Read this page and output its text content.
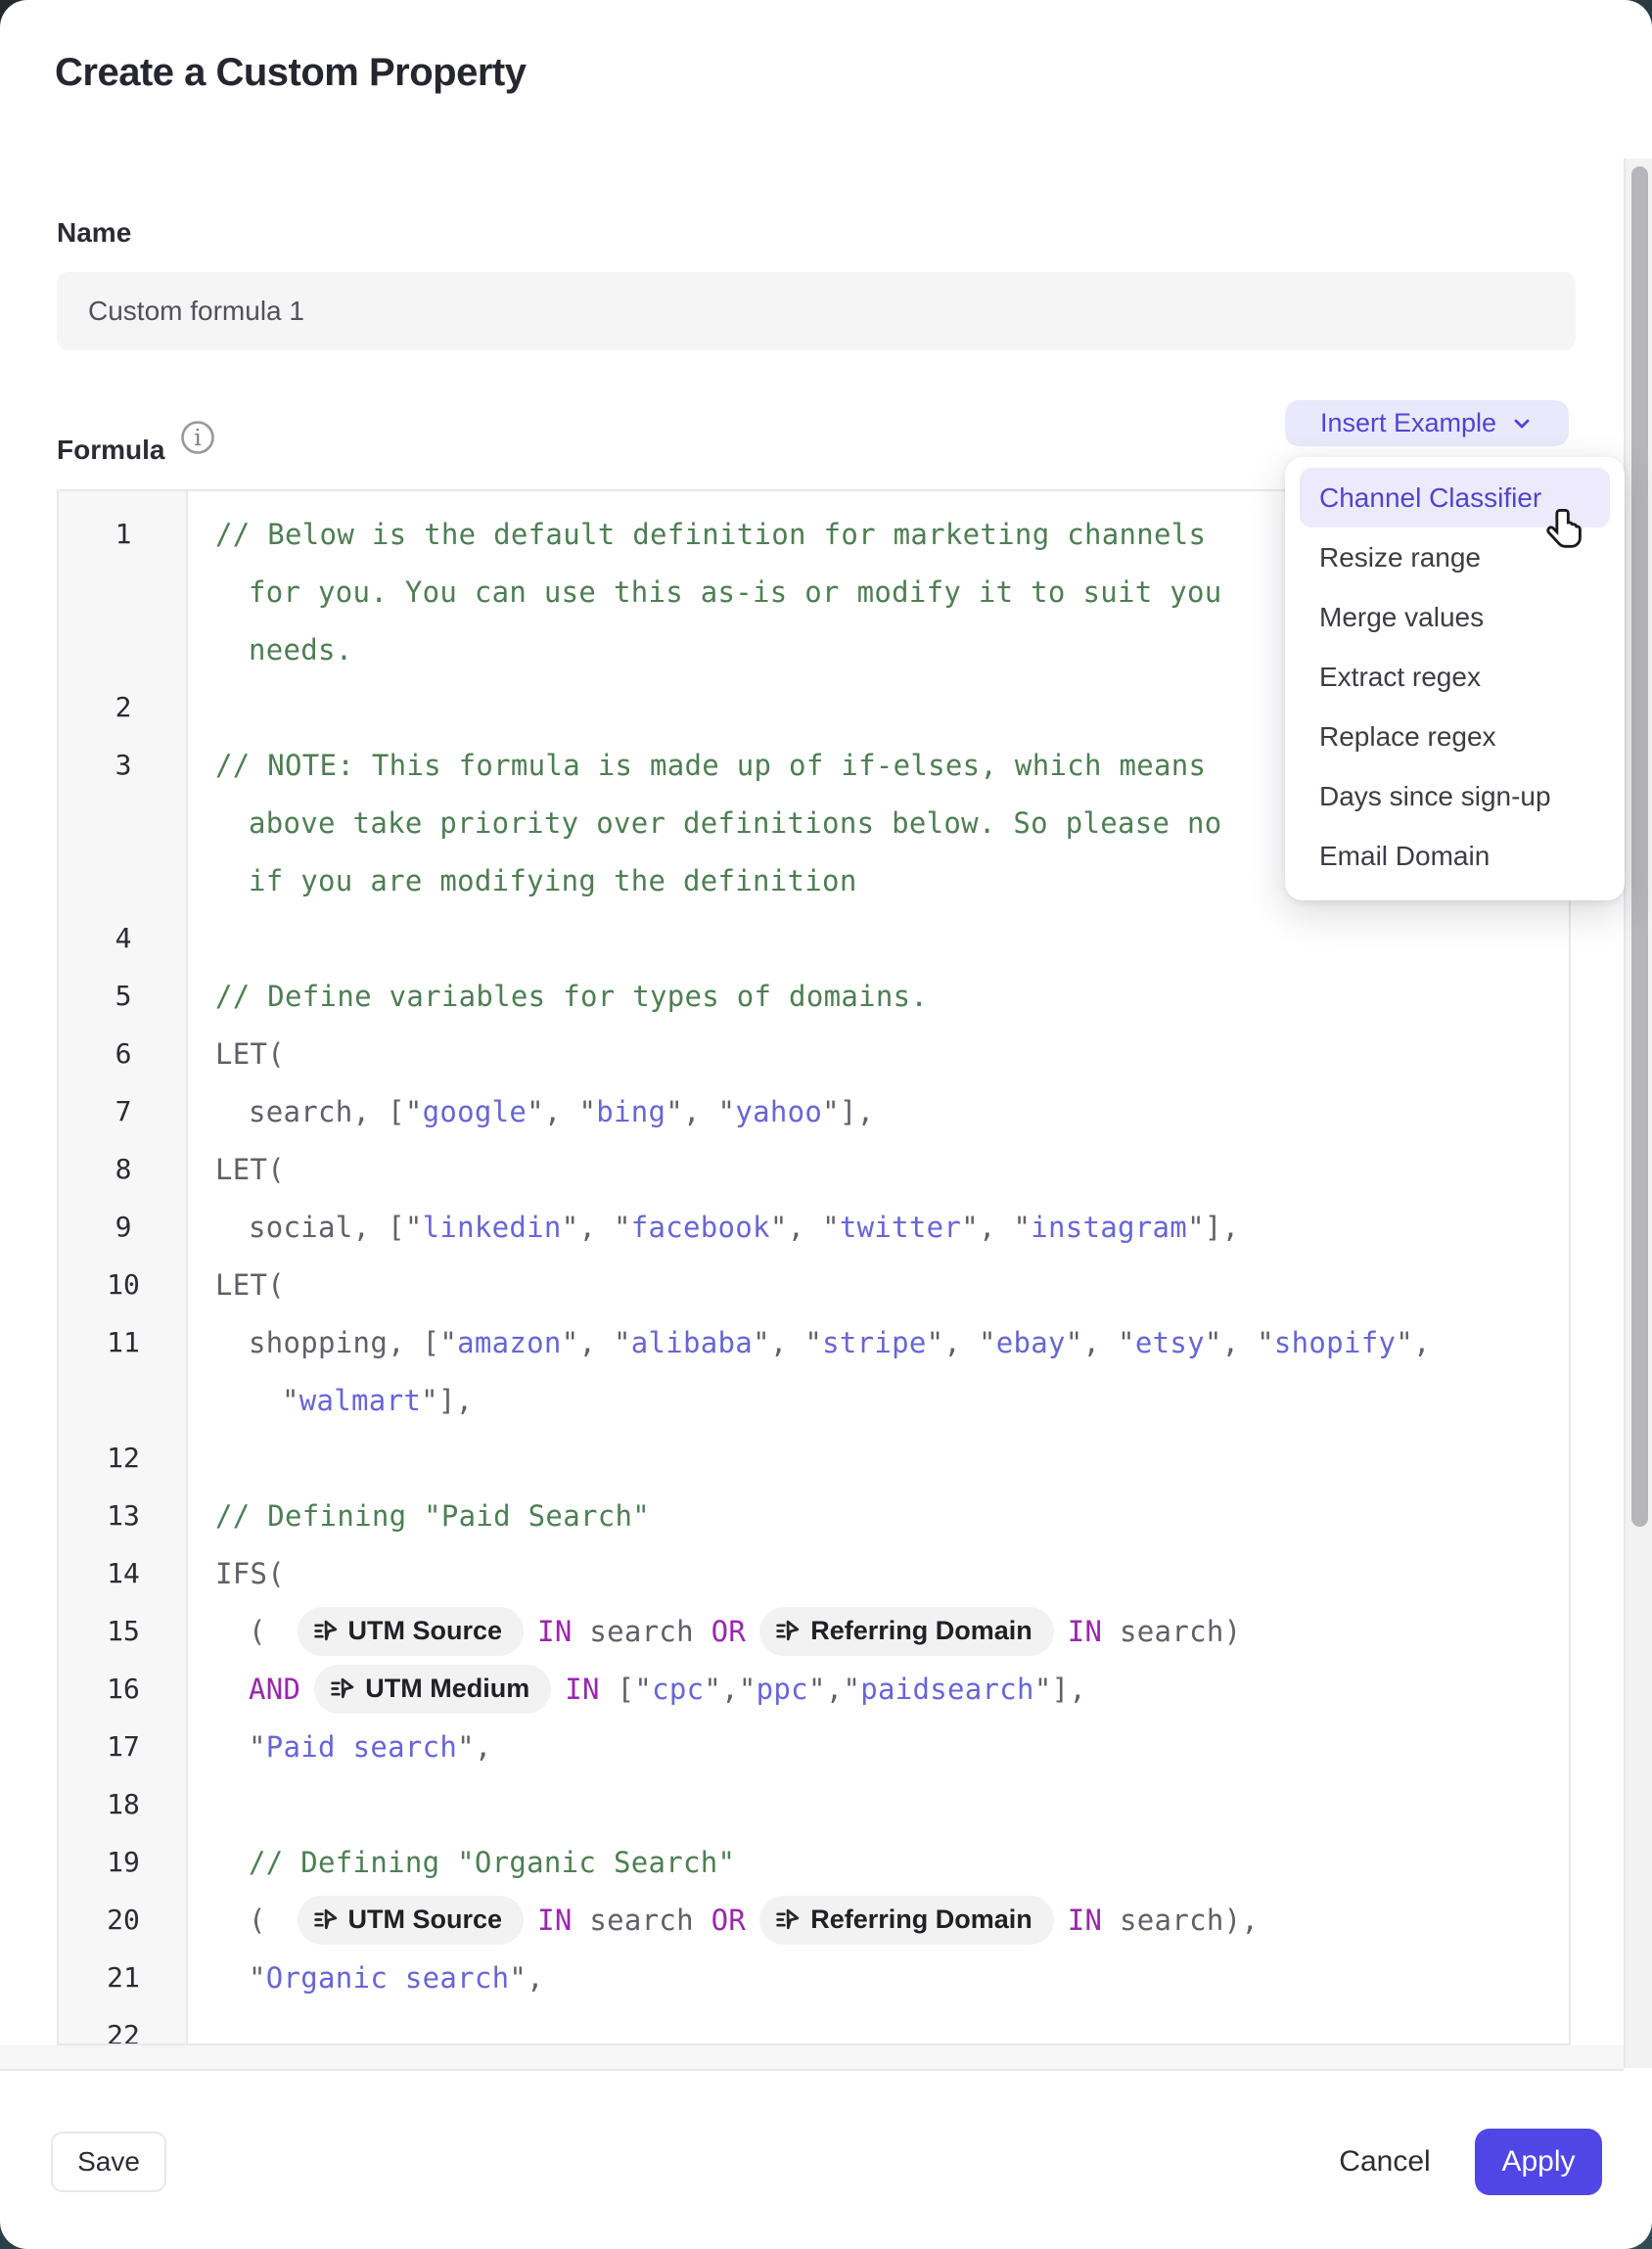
Create a Custom Property
Name
Custom formula 1
Formula i
Insert Example
1	// Below is the default definition for marketing channels
for you. You can use this as-is or modify it to suit you
needs.
2
3	// NOTE: This formula is made up of if-elses, which means
above take priority over definitions below. So please no
if you are modifying the definition
4
5	// Define variables for types of domains.
6	LET(
7	search, [" google ", " bing ", " yahoo "],
8	LET(
9	social, [" linkedin ", " facebook ", " twitter ", " instagram "],
10	LET(
11	shopping, [" amazon ", " alibaba ", " stripe ", " ebay ", " etsy ", " shopify ",
" walmart "],
12
13	// Defining "Paid Search"
14	IFS(
15	( UTM Source IN search OR Referring Domain IN search)
16	AND UTM Medium IN [" cpc "," ppc "," paidsearch "],
17	" Paid search ",
18
19	// Defining "Organic Search"
20	( UTM Source IN search OR Referring Domain IN search),
21	" Organic search ",
22
Channel Classifier
Resize range
Merge values
Extract regex
Replace regex
Days since sign-up
Email Domain
Save	Cancel	Apply
